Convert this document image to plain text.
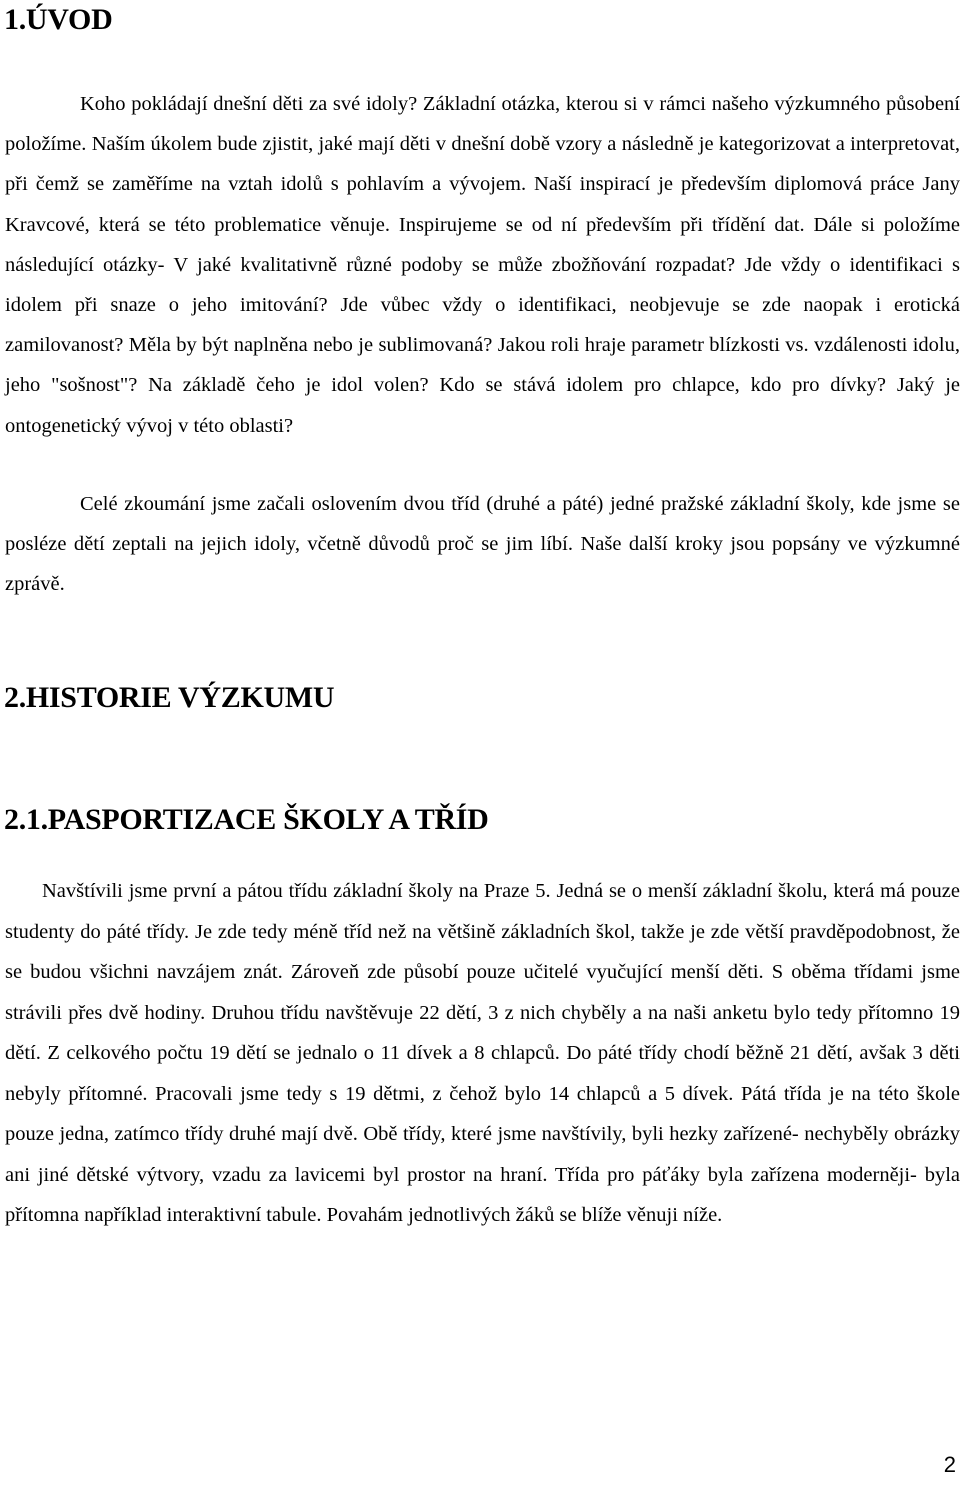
1.ÚVOD

Koho pokládají dnešní děti za své idoly? Základní otázka, kterou si v rámci našeho výzkumného působení položíme. Naším úkolem bude zjistit, jaké mají děti v dnešní době vzory a následně je kategorizovat a interpretovat, při čemž se zaměříme na vztah idolů s pohlavím a vývojem. Naší inspirací je především diplomová práce Jany Kravcové, která se této problematice věnuje. Inspirujeme se od ní především při třídění dat. Dále si položíme následující otázky- V jaké kvalitativně různé podoby se může zbožňování rozpadat? Jde vždy o identifikaci s idolem při snaze o jeho imitování? Jde vůbec vždy o identifikaci, neobjevuje se zde naopak i erotická zamilovanost? Měla by být naplněna nebo je sublimovaná? Jakou roli hraje parametr blízkosti vs. vzdálenosti idolu, jeho "sošnost"? Na základě čeho je idol volen? Kdo se stává idolem pro chlapce, kdo pro dívky? Jaký je ontogenetický vývoj v této oblasti?

Celé zkoumání jsme začali oslovením dvou tříd (druhé a páté) jedné pražské základní školy, kde jsme se posléze dětí zeptali na jejich idoly, včetně důvodů proč se jim líbí. Naše další kroky jsou popsány ve výzkumné zprávě.

2.HISTORIE VÝZKUMU
2.1.PASPORTIZACE ŠKOLY A TŘÍD

Navštívili jsme první a pátou třídu základní školy na Praze 5. Jedná se o menší základní školu, která má pouze studenty do páté třídy. Je zde tedy méně tříd než na většině základních škol, takže je zde větší pravděpodobnost, že se budou všichni navzájem znát. Zároveň zde působí pouze učitelé vyučující menší děti. S oběma třídami jsme strávili přes dvě hodiny. Druhou třídu navštěvuje 22 dětí, 3 z nich chyběly a na naši anketu bylo tedy přítomno 19 dětí. Z celkového počtu 19 dětí se jednalo o 11 dívek a 8 chlapců. Do páté třídy chodí běžně 21 dětí, avšak 3 děti nebyly přítomné. Pracovali jsme tedy s 19 dětmi, z čehož bylo 14 chlapců a 5 dívek. Pátá třída je na této škole pouze jedna, zatímco třídy druhé mají dvě. Obě třídy, které jsme navštívily, byli hezky zařízené- nechyběly obrázky ani jiné dětské výtvory, vzadu za lavicemi byl prostor na hraní. Třída pro páťáky byla zařízena moderněji- byla přítomna například interaktivní tabule. Povahám jednotlivých žáků se blíže věnuji níže.

2
